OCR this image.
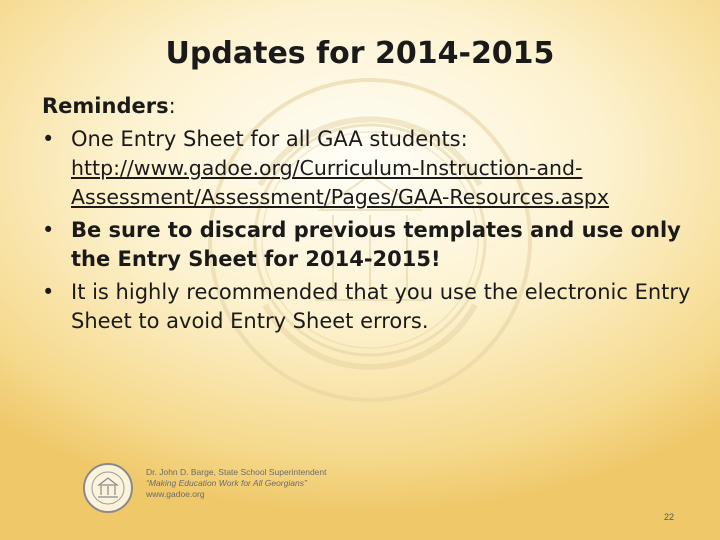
Updates for 2014-2015

Reminders:

• One Entry Sheet for all GAA students:
http://www.gadoe.org/Curriculum-Instruction-and-
Assessment/Assessment/Pages/GAA-Resources.aspx
• Be sure to discard previous templates and use only the Entry Sheet for 2014-2015!
• It is highly recommended that you use the electronic Entry Sheet to avoid Entry Sheet errors.
Dr. John D. Barge, State School Superintendent
“Making Education Work for All Georgians”
www.gadoe.org
22
